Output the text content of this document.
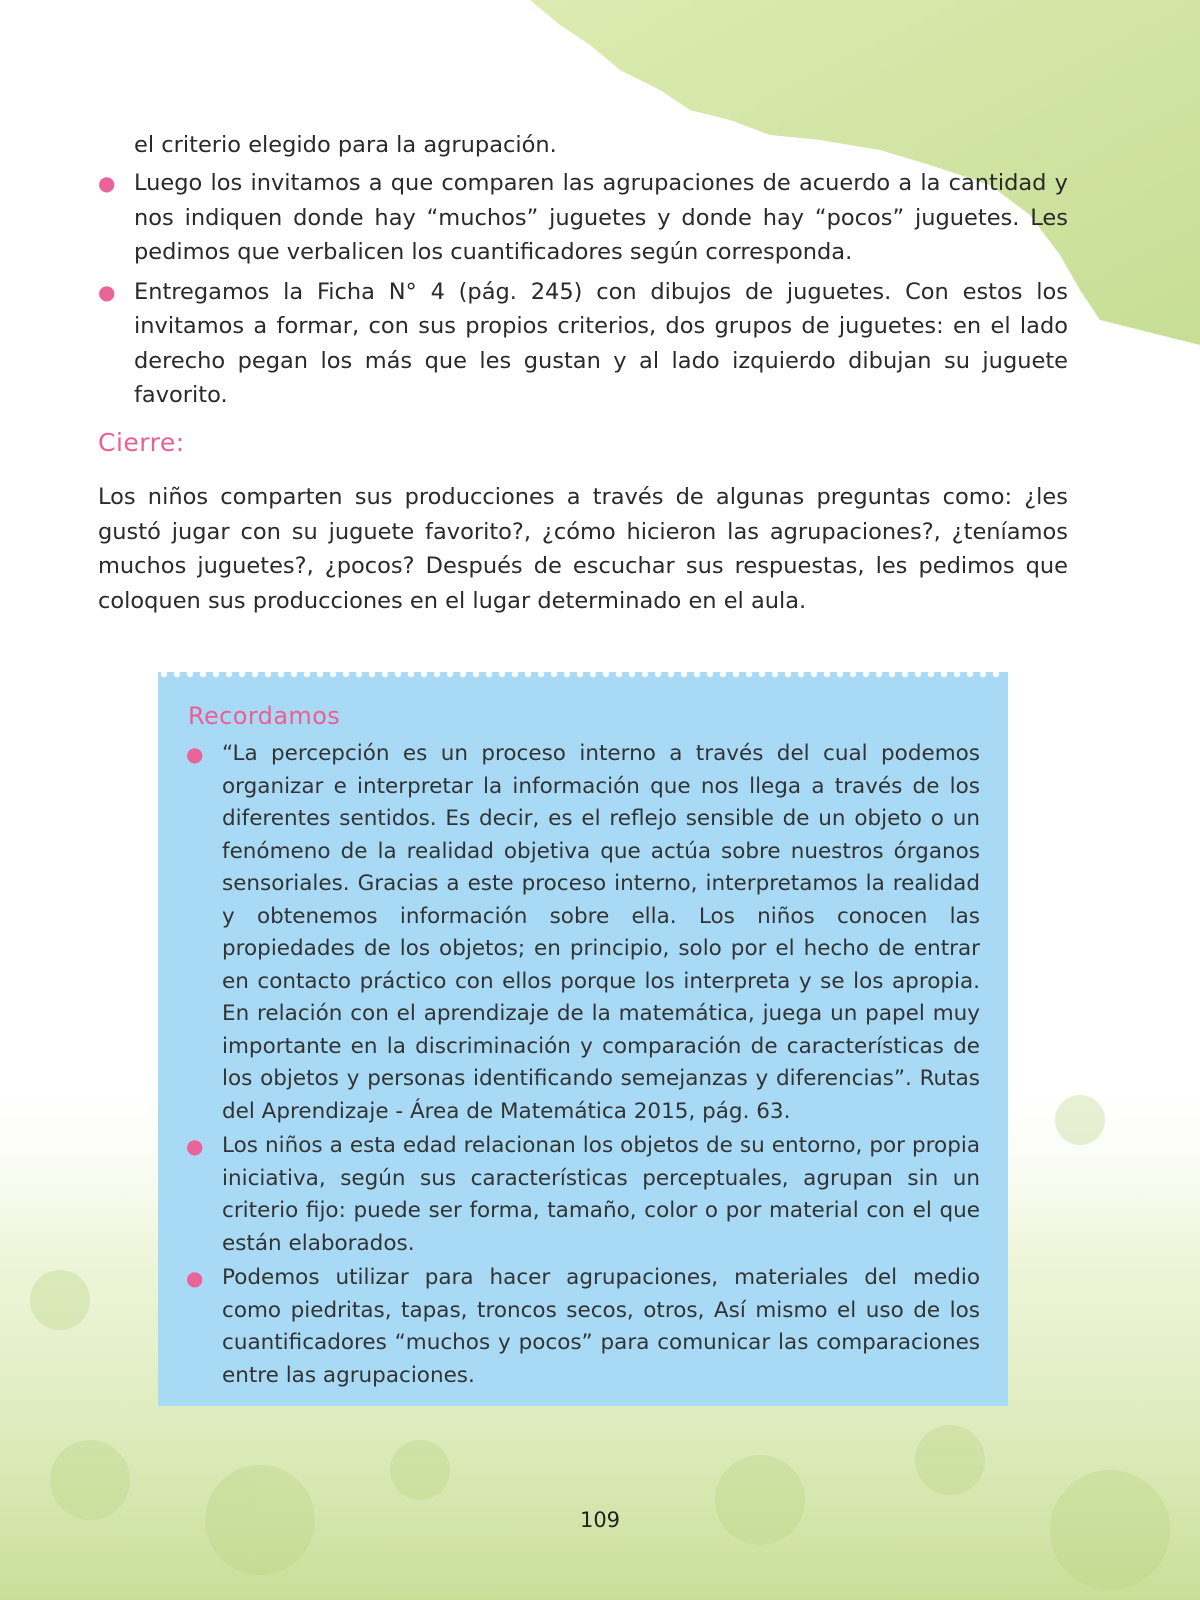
el criterio elegido para la agrupación.
● Luego los invitamos a que comparen las agrupaciones de acuerdo a la cantidad y nos indiquen donde hay “muchos” juguetes y donde hay “pocos” juguetes. Les pedimos que verbalicen los cuantificadores según corresponda.

● Entregamos la Ficha N° 4 (pág. 245) con dibujos de juguetes. Con estos los invitamos a formar, con sus propios criterios, dos grupos de juguetes: en el lado derecho pegan los más que les gustan y al lado izquierdo dibujan su juguete favorito.

Cierre:

Los niños comparten sus producciones a través de algunas preguntas como: ¿les gustó jugar con su juguete favorito?, ¿cómo hicieron las agrupaciones?, ¿teníamos muchos juguetes?, ¿pocos? Después de escuchar sus respuestas, les pedimos que coloquen sus producciones en el lugar determinado en el aula.

Recordamos
● “La percepción es un proceso interno a través del cual podemos organizar e interpretar la información que nos llega a través de los diferentes sentidos. Es decir, es el reflejo sensible de un objeto o un fenómeno de la realidad objetiva que actúa sobre nuestros órganos sensoriales. Gracias a este proceso interno, interpretamos la realidad y obtenemos información sobre ella. Los niños conocen las propiedades de los objetos; en principio, solo por el hecho de entrar en contacto práctico con ellos porque los interpreta y se los apropia. En relación con el aprendizaje de la matemática, juega un papel muy importante en la discriminación y comparación de características de los objetos y personas identificando semejanzas y diferencias”. Rutas del Aprendizaje - Área de Matemática 2015, pág. 63.

● Los niños a esta edad relacionan los objetos de su entorno, por propia iniciativa, según sus características perceptuales, agrupan sin un criterio fijo: puede ser forma, tamaño, color o por material con el que están elaborados.

● Podemos utilizar para hacer agrupaciones, materiales del medio como piedritas, tapas, troncos secos, otros, Así mismo el uso de los cuantificadores “muchos y pocos” para comunicar las comparaciones entre las agrupaciones.

109
